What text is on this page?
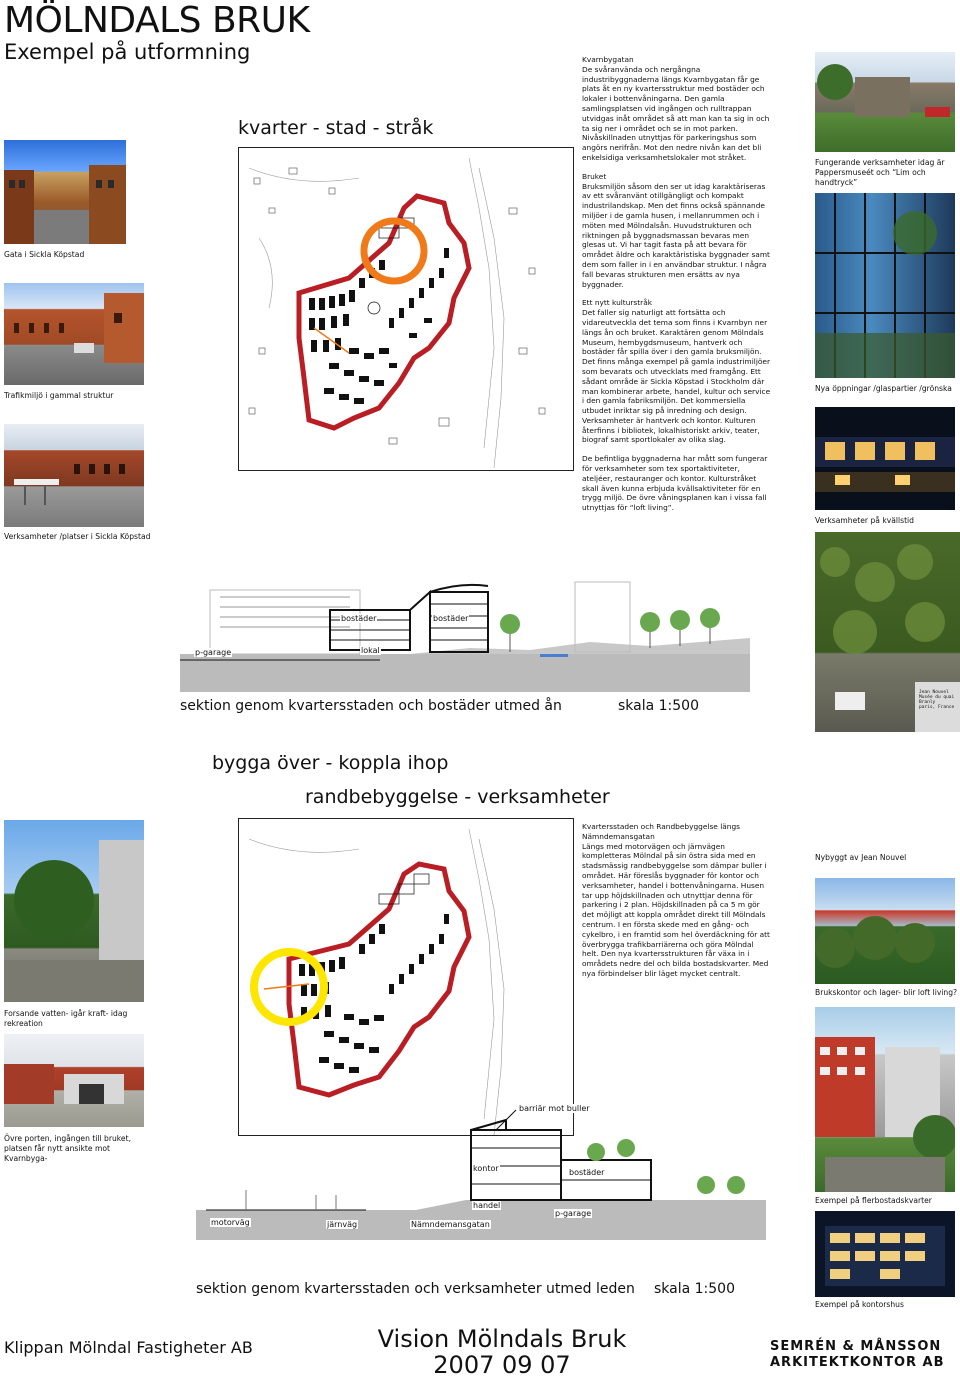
MÖLNDALS BRUK
Exempel på utformning
Gata i Sickla Köpstad
Trafikmiljö i gammal struktur
Verksamheter /platser i Sickla Köpstad
kvarter - stad - stråk

Kvarnbygatan
De svåranvända och nergångna industribyggnaderna längs Kvarnbygatan får ge plats åt en ny kvartersstruktur med bostäder och lokaler i bottenvåningarna. Den gamla samlingsplatsen vid ingången och rulltrappan utvidgas inåt området så att man kan ta sig in och ta sig ner i området och se in mot parken. Nivåskillnaden utnyttjas för parkeringshus som angörs nerifrån. Mot den nedre nivån kan det bli enkelsidiga verksamhetslokaler mot stråket.

Bruket
Bruksmiljön såsom den ser ut idag karaktäriseras av ett svåranvänt otillgängligt och kompakt industrilandskap. Men det finns också spännande miljöer i de gamla husen, i mellanrummen och i möten med Mölndalsån. Huvudstrukturen och riktningen på byggnadsmassan bevaras men glesas ut. Vi har tagit fasta på att bevara för området äldre och karaktäristiska byggnader samt dem som faller in i en användbar struktur. I några fall bevaras strukturen men ersätts av nya byggnader.

Ett nytt kulturstråk
Det faller sig naturligt att fortsätta och vidareutveckla det tema som finns i Kvarnbyn ner längs ån och bruket. Karaktären genom Mölndals Museum, hembygdsmuseum, hantverk och bostäder får spilla över i den gamla bruksmiljön. Det finns många exempel på gamla industrimiljöer som bevarats och utvecklats med framgång. Ett sådant område är Sickla Köpstad i Stockholm där man kombinerar arbete, handel, kultur och service i den gamla fabriksmiljön. Det kommersiella utbudet inriktar sig på inredning och design. Verksamheter är hantverk och kontor. Kulturen återfinns i bibliotek, lokalhistoriskt arkiv, teater, biograf samt sportlokaler av olika slag.

De befintliga byggnaderna har mått som fungerar för verksamheter som tex sportaktiviteter, ateljéer, restauranger och kontor. Kulturstråket skall även kunna erbjuda kvällsaktiviteter för en trygg miljö. De övre våningsplanen kan i vissa fall utnyttjas för “loft living”.

Fungerande verksamheter idag är Pappersmuseét och “Lim och handtryck”
Nya öppningar /glaspartier /grönska
Verksamheter på kvällstid
bostäder	bostäder
p-garage	lokal
sektion genom kvartersstaden och bostäder utmed ån	skala 1:500
Jean Nouvel
Musée du quai
Branly
paris, France
bygga över - koppla ihop
randbebyggelse - verksamheter
Forsande vatten- igår kraft- idag rekreation
Övre porten, ingången till bruket, platsen får nytt ansikte mot Kvarnbyga-

Kvartersstaden och Randbebyggelse längs Nämndemansgatan
Längs med motorvägen och järnvägen kompletteras Mölndal på sin östra sida med en stadsmässig randbebyggelse som dämpar buller i området. Här föreslås byggnader för kontor och verksamheter, handel i bottenvåningarna. Husen tar upp höjdskillnaden och utnyttjar denna för parkering i 2 plan. Höjdskillnaden på ca 5 m gör det möjligt att koppla området direkt till Mölndals centrum. I en första skede med en gång- och cykelbro, i en framtid som hel överdäckning för att överbrygga trafikbarriärerna och göra Mölndal helt. Den nya kvartersstrukturen får växa in i områdets nedre del och bilda bostadskvarter. Med nya förbindelser blir läget mycket centralt.

Nybyggt av Jean Nouvel
Brukskontor och lager- blir loft living?
Exempel på flerbostadskvarter
Exempel på kontorshus
barriär mot buller
kontor	bostäder
handel
p-garage
motorväg	järnväg	Nämndemansgatan
sektion genom kvartersstaden och verksamheter utmed leden skala 1:500
Klippan Mölndal Fastigheter AB	Vision Mölndals Bruk
2007 09 07
SEMRÉN & MÅNSSON
ARKITEKTKONTOR AB
